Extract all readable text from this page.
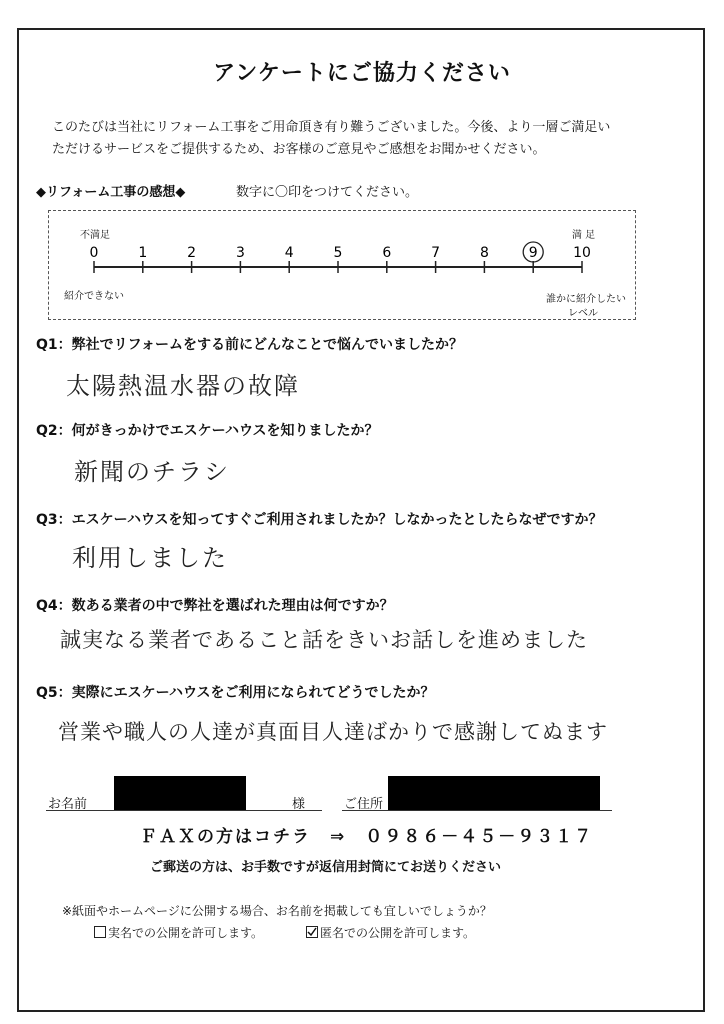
アンケートにご協力ください
このたびは当社にリフォーム工事をご用命頂き有り難うございました。今後、より一層ご満足い
ただけるサービスをご提供するため、お客様のご意見やご感想をお聞かせください。
◆リフォーム工事の感想◆	数字に〇印をつけてください。
不満足	満 足
紹介できない	誰かに紹介したい
レベル
0	1	2	3	4	5	6	7	8	9	10
Q1：弊社でリフォームをする前にどんなことで悩んでいましたか？
太陽熱温水器の故障
Q2：何がきっかけでエスケーハウスを知りましたか？
新聞のチラシ
Q3：エスケーハウスを知ってすぐご利用されましたか？しなかったとしたらなぜですか？
利用しました
Q4：数ある業者の中で弊社を選ばれた理由は何ですか？
誠実なる業者であること話をきいお話しを進めました
Q5：実際にエスケーハウスをご利用になられてどうでしたか？
営業や職人の人達が真面目人達ばかりで感謝してぬます
お名前	様	ご住所
ＦＡＸの方はコチラ　⇒　０９８６－４５－９３１７
ご郵送の方は、お手数ですが返信用封筒にてお送りください
※紙面やホームページに公開する場合、お名前を掲載しても宜しいでしょうか？
実名での公開を許可します。	匿名での公開を許可します。
